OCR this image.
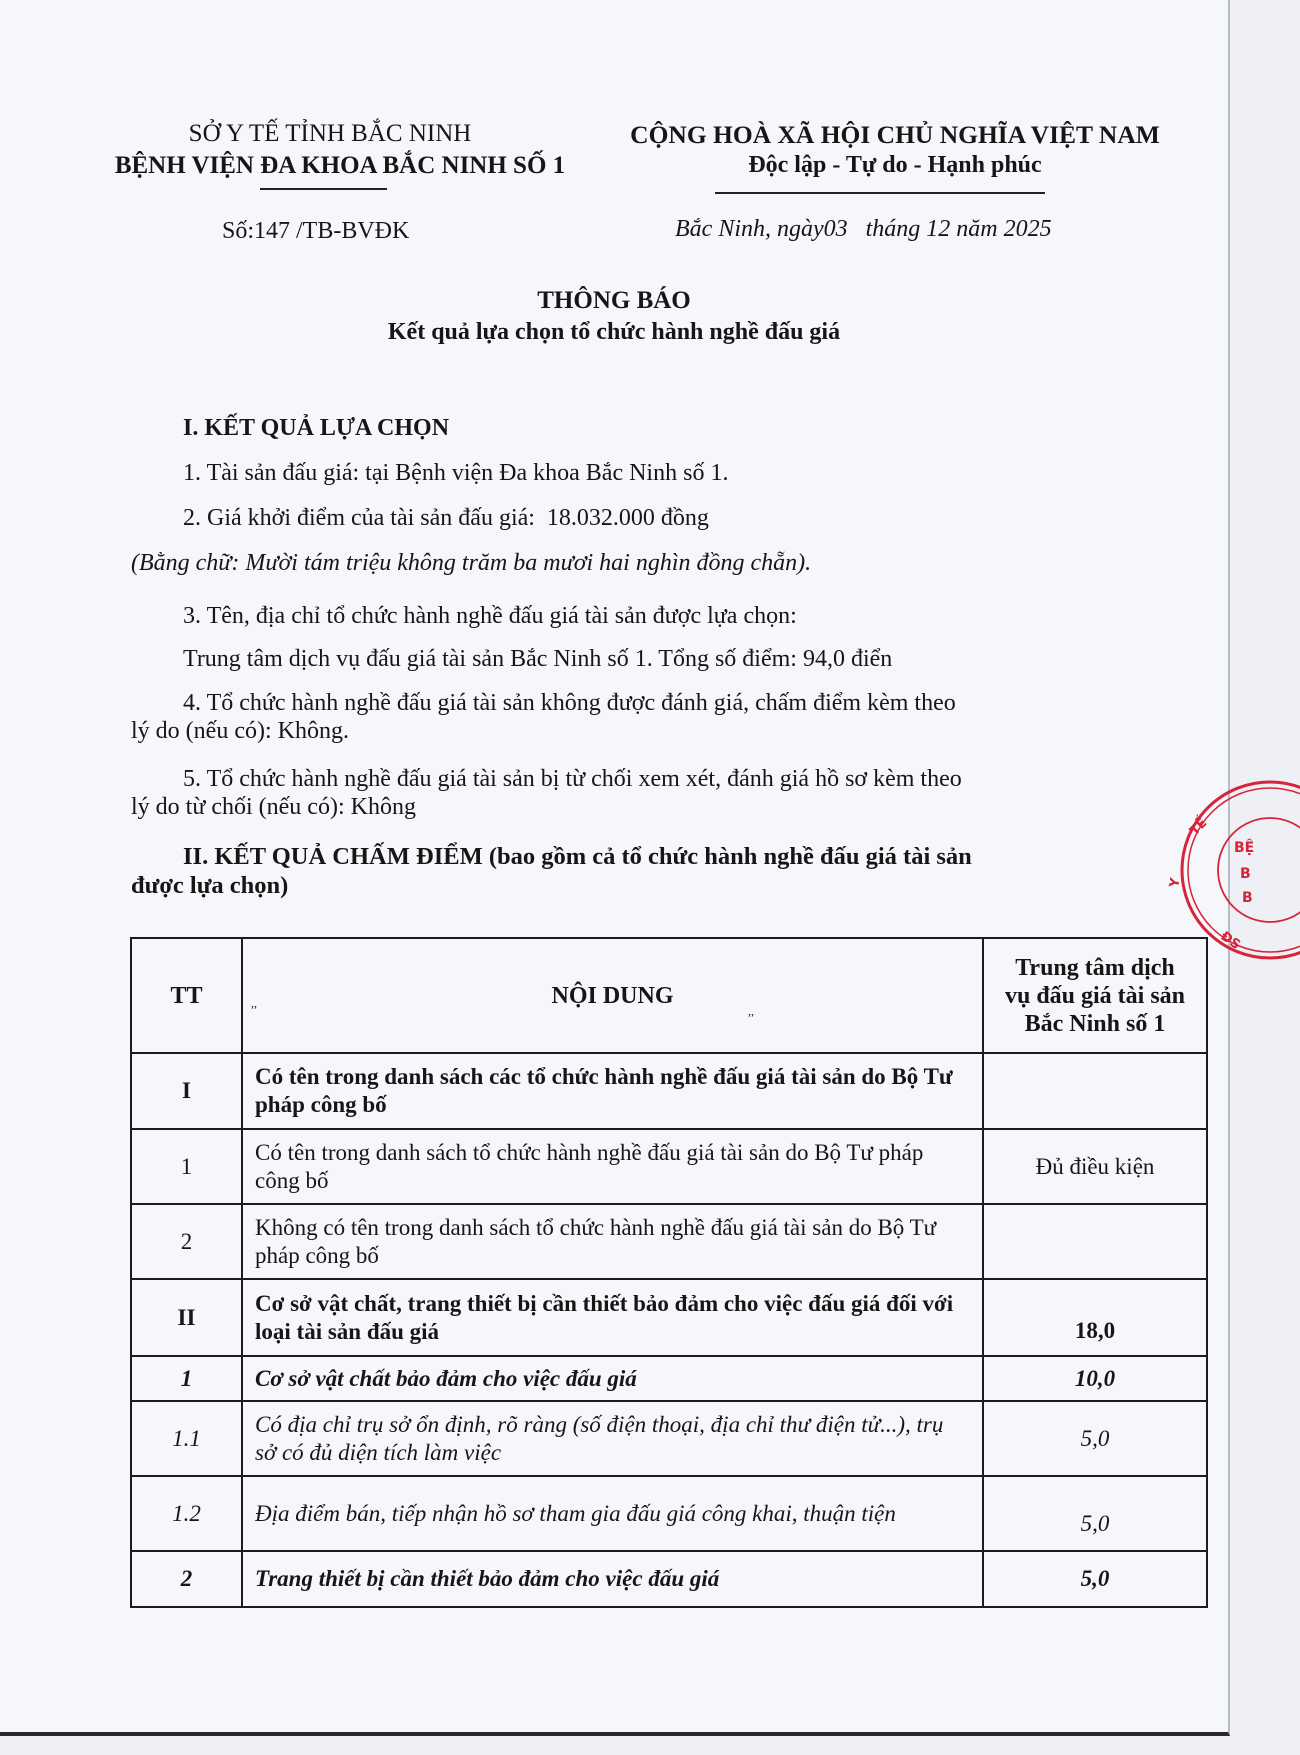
SỞ Y TẾ TỈNH BẮC NINH
BỆNH VIỆN ĐA KHOA BẮC NINH SỐ 1
CỘNG HOÀ XÃ HỘI CHỦ NGHĨA VIỆT NAM
Độc lập - Tự do - Hạnh phúc
Số:147 /TB-BVĐK	Bắc Ninh, ngày03   tháng 12 năm 2025
THÔNG BÁO
Kết quả lựa chọn tổ chức hành nghề đấu giá
I. KẾT QUẢ LỰA CHỌN
1. Tài sản đấu giá: tại Bệnh viện Đa khoa Bắc Ninh số 1.
2. Giá khởi điểm của tài sản đấu giá:  18.032.000 đồng
(Bằng chữ: Mười tám triệu không trăm ba mươi hai nghìn đồng chẵn).
3. Tên, địa chỉ tổ chức hành nghề đấu giá tài sản được lựa chọn:
Trung tâm dịch vụ đấu giá tài sản Bắc Ninh số 1. Tổng số điểm: 94,0 điển
4. Tổ chức hành nghề đấu giá tài sản không được đánh giá, chấm điểm kèm theo
lý do (nếu có): Không.
5. Tổ chức hành nghề đấu giá tài sản bị từ chối xem xét, đánh giá hồ sơ kèm theo
lý do từ chối (nếu có): Không
II. KẾT QUẢ CHẤM ĐIỂM (bao gồm cả tổ chức hành nghề đấu giá tài sản
được lựa chọn)
TT	,,	NỘI DUNG
,,

Trung tâm dịch
vụ đấu giá tài sản
Bắc Ninh số 1

I	Có tên trong danh sách các tổ chức hành nghề đấu giá tài sản do Bộ Tư pháp công bố	
1	Có tên trong danh sách tổ chức hành nghề đấu giá tài sản do Bộ Tư pháp công bố	Đủ điều kiện
2	Không có tên trong danh sách tổ chức hành nghề đấu giá tài sản do Bộ Tư pháp công bố	
II	Cơ sở vật chất, trang thiết bị cần thiết bảo đảm cho việc đấu giá đối với loại tài sản đấu giá	18,0
1	Cơ sở vật chất bảo đảm cho việc đấu giá	10,0
1.1	Có địa chỉ trụ sở ổn định, rõ ràng (số điện thoại, địa chỉ thư điện tử...), trụ sở có đủ diện tích làm việc	5,0
1.2	Địa điểm bán, tiếp nhận hồ sơ tham gia đấu giá công khai, thuận tiện	5,0
2	Trang thiết bị cần thiết bảo đảm cho việc đấu giá	5,0
Y
TẾ
BỆ
B
B
ĐS
